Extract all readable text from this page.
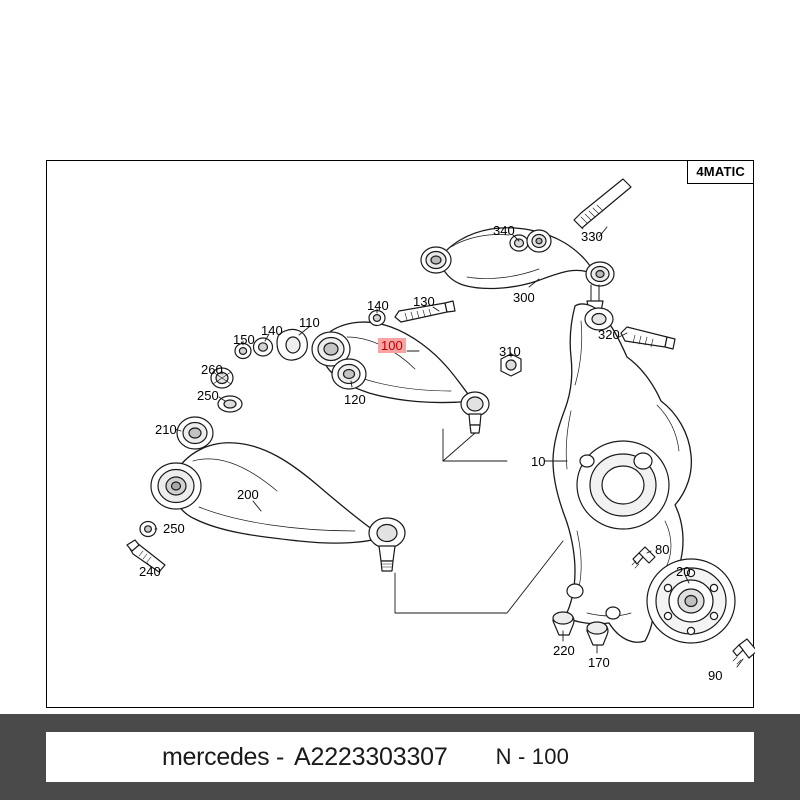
4MATIC
340	330
300
140 130
110
140
150	100	310
320
260
250
210
120
10
200
250
240
80
20
220
170
90
mercedes - A2223303307 N - 100
